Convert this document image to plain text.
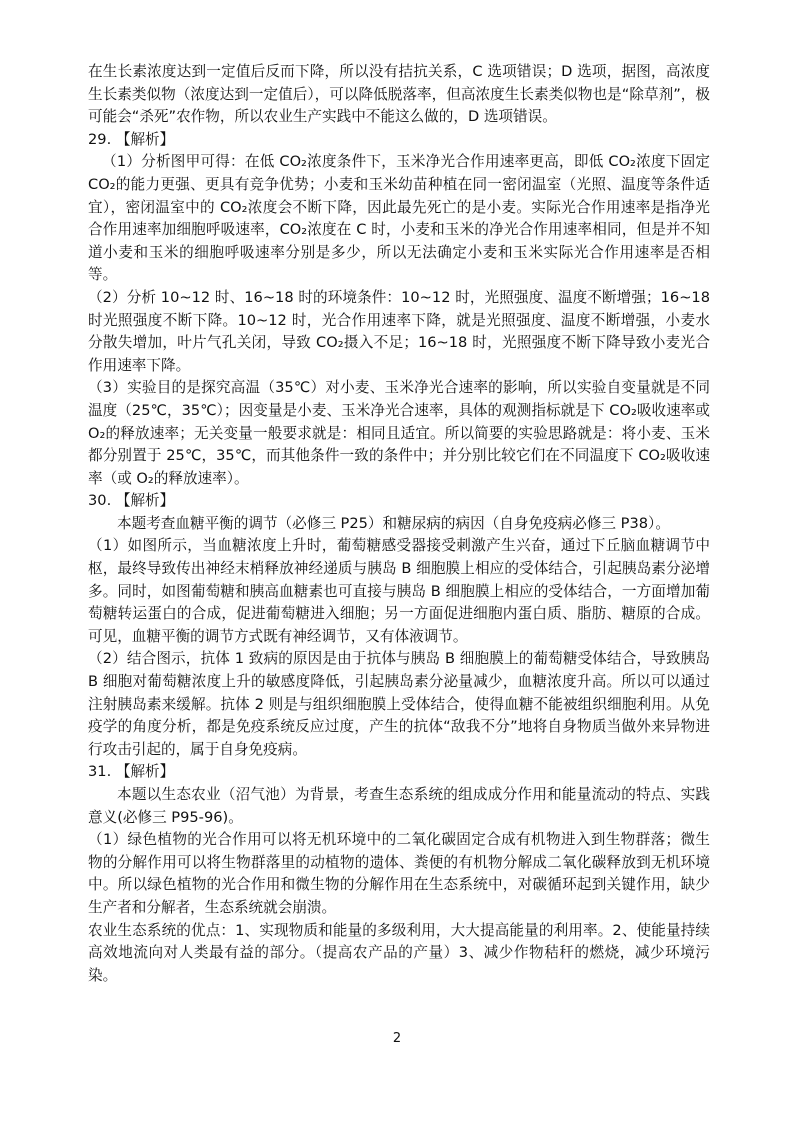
在生长素浓度达到一定值后反而下降，所以没有拮抗关系，C 选项错误；D 选项，据图，高浓度生长素类似物（浓度达到一定值后），可以降低脱落率，但高浓度生长素类似物也是“除草剂”，极可能会“杀死”农作物，所以农业生产实践中不能这么做的，D 选项错误。

29. 【解析】

（1）分析图甲可得：在低 CO₂浓度条件下，玉米净光合作用速率更高，即低 CO₂浓度下固定 CO₂的能力更强、更具有竞争优势；小麦和玉米幼苗种植在同一密闭温室（光照、温度等条件适宜），密闭温室中的 CO₂浓度会不断下降，因此最先死亡的是小麦。实际光合作用速率是指净光合作用速率加细胞呼吸速率，CO₂浓度在 C 时，小麦和玉米的净光合作用速率相同，但是并不知道小麦和玉米的细胞呼吸速率分别是多少，所以无法确定小麦和玉米实际光合作用速率是否相等。

（2）分析 10~12 时、16~18 时的环境条件：10~12 时，光照强度、温度不断增强；16~18 时光照强度不断下降。10~12 时，光合作用速率下降，就是光照强度、温度不断增强，小麦水分散失增加，叶片气孔关闭，导致 CO₂摄入不足；16~18 时，光照强度不断下降导致小麦光合作用速率下降。

（3）实验目的是探究高温（35℃）对小麦、玉米净光合速率的影响，所以实验自变量就是不同温度（25℃，35℃）；因变量是小麦、玉米净光合速率，具体的观测指标就是下 CO₂吸收速率或 O₂的释放速率；无关变量一般要求就是：相同且适宜。所以简要的实验思路就是：将小麦、玉米都分别置于 25℃，35℃，而其他条件一致的条件中；并分别比较它们在不同温度下 CO₂吸收速率（或 O₂的释放速率）。

30. 【解析】

本题考查血糖平衡的调节（必修三 P25）和糖尿病的病因（自身免疫病必修三 P38）。

（1）如图所示，当血糖浓度上升时，葡萄糖感受器接受刺激产生兴奋，通过下丘脑血糖调节中枢，最终导致传出神经末梢释放神经递质与胰岛 B 细胞膜上相应的受体结合，引起胰岛素分泌增多。同时，如图葡萄糖和胰高血糖素也可直接与胰岛 B 细胞膜上相应的受体结合，一方面增加葡萄糖转运蛋白的合成，促进葡萄糖进入细胞；另一方面促进细胞内蛋白质、脂肪、糖原的合成。可见，血糖平衡的调节方式既有神经调节，又有体液调节。

（2）结合图示，抗体 1 致病的原因是由于抗体与胰岛 B 细胞膜上的葡萄糖受体结合，导致胰岛 B 细胞对葡萄糖浓度上升的敏感度降低，引起胰岛素分泌量减少，血糖浓度升高。所以可以通过注射胰岛素来缓解。抗体 2 则是与组织细胞膜上受体结合，使得血糖不能被组织细胞利用。从免疫学的角度分析，都是免疫系统反应过度，产生的抗体“敌我不分”地将自身物质当做外来异物进行攻击引起的，属于自身免疫病。

31. 【解析】

本题以生态农业（沼气池）为背景，考查生态系统的组成成分作用和能量流动的特点、实践意义(必修三 P95-96)。

（1）绿色植物的光合作用可以将无机环境中的二氧化碳固定合成有机物进入到生物群落；微生物的分解作用可以将生物群落里的动植物的遗体、粪便的有机物分解成二氧化碳释放到无机环境中。所以绿色植物的光合作用和微生物的分解作用在生态系统中，对碳循环起到关键作用，缺少生产者和分解者，生态系统就会崩溃。

农业生态系统的优点：1、实现物质和能量的多级利用，大大提高能量的利用率。2、使能量持续高效地流向对人类最有益的部分。（提高农产品的产量）3、减少作物秸秆的燃烧，减少环境污染。

2
